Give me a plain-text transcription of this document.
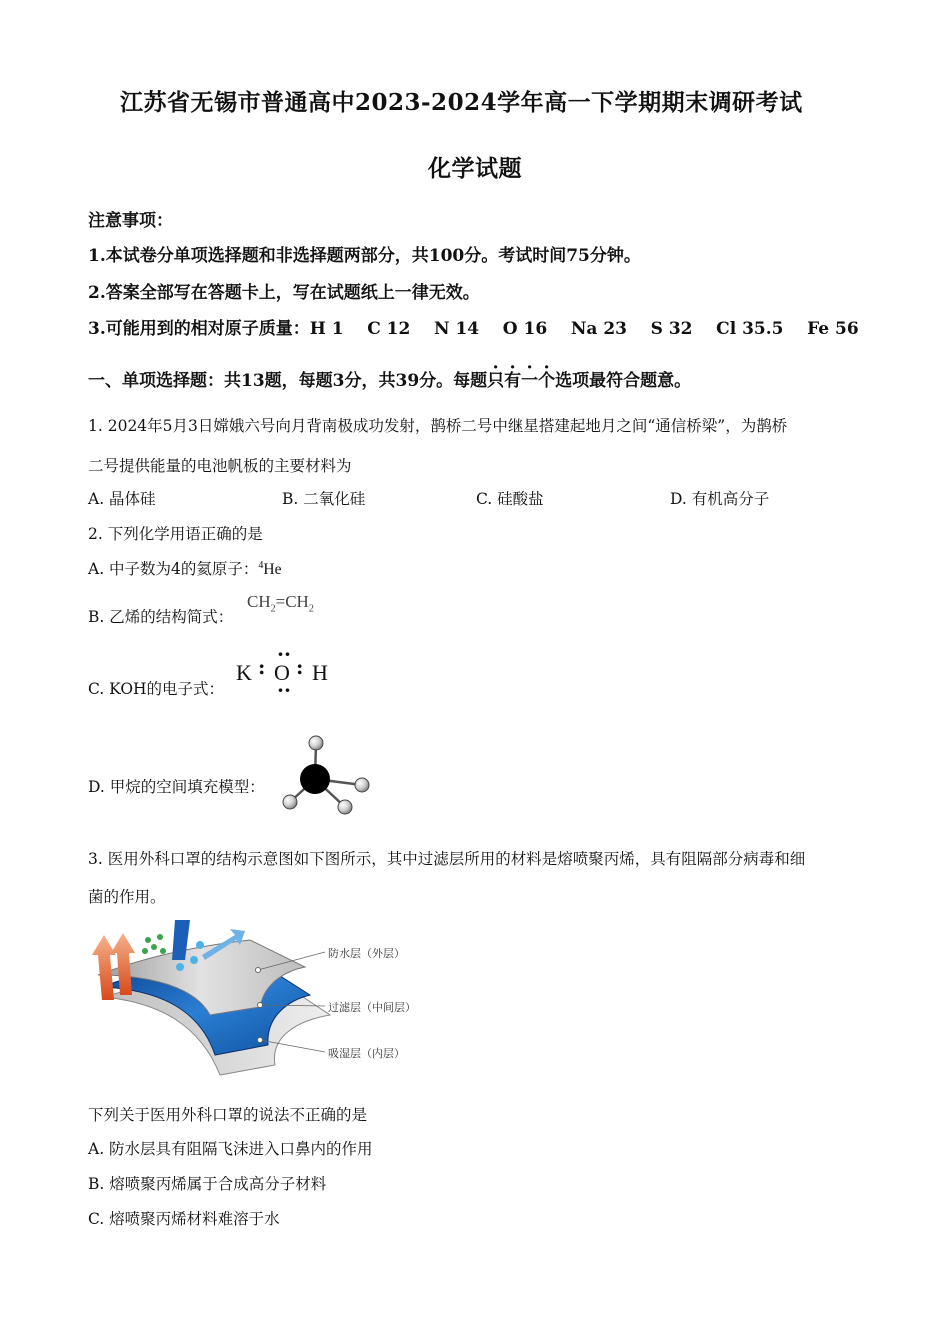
江苏省无锡市普通高中2023-2024学年高一下学期期末调研考试
化学试题
注意事项：
1.本试卷分单项选择题和非选择题两部分，共100分。考试时间75分钟。
2.答案全部写在答题卡上，写在试题纸上一律无效。
3.可能用到的相对原子质量：H 1    C 12    N 14    O 16    Na 23    S 32    Cl 35.5    Fe 56
一、单项选择题：共13题，每题3分，共39分。每题只有一个选项最符合题意。
1. 2024年5月3日嫦娥六号向月背南极成功发射，鹊桥二号中继星搭建起地月之间“通信桥梁”，为鹊桥
二号提供能量的电池帆板的主要材料为
A. 晶体硅	B. 二氧化硅	C. 硅酸盐	D. 有机高分子
2. 下列化学用语正确的是
A. 中子数为4的氦原子：$^4$He
B. 乙烯的结构简式：
$CH_2=CH_2$
C. KOH的电子式：
K : O
··
··
: H
D. 甲烷的空间填充模型：
3. 医用外科口罩的结构示意图如下图所示，其中过滤层所用的材料是熔喷聚丙烯，具有阻隔部分病毒和细
菌的作用。
防水层（外层）
过滤层（中间层）
吸湿层（内层）
下列关于医用外科口罩的说法不正确的是
A. 防水层具有阻隔飞沫进入口鼻内的作用
B. 熔喷聚丙烯属于合成高分子材料
C. 熔喷聚丙烯材料难溶于水
